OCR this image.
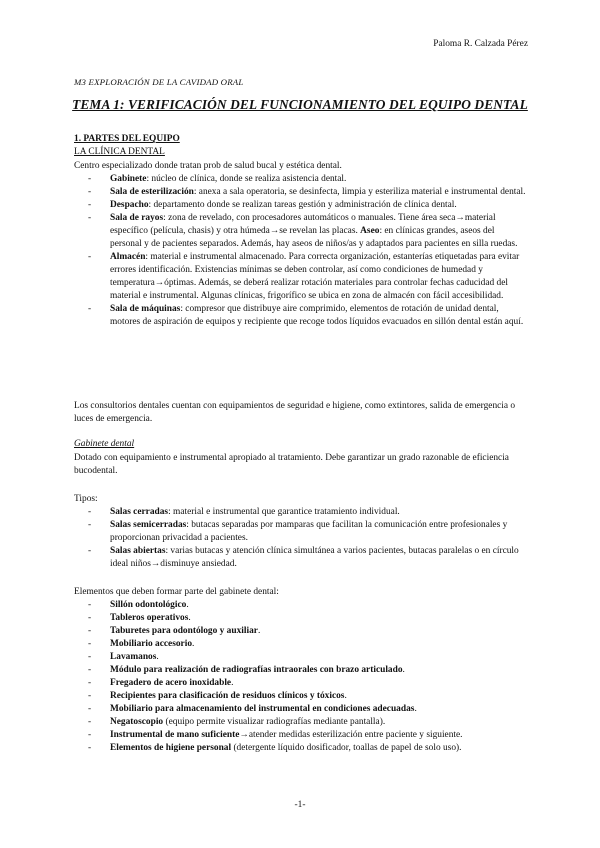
Paloma R. Calzada Pérez
M3 EXPLORACIÓN DE LA CAVIDAD ORAL
TEMA 1: VERIFICACIÓN DEL FUNCIONAMIENTO DEL EQUIPO DENTAL
1. PARTES DEL EQUIPO
LA CLÍNICA DENTAL
Centro especializado donde tratan prob de salud bucal y estética dental.
- Gabinete: núcleo de clínica, donde se realiza asistencia dental.
- Sala de esterilización: anexa a sala operatoria, se desinfecta, limpia y esteriliza material e instrumental dental.
- Despacho: departamento donde se realizan tareas gestión y administración de clínica dental.
- Sala de rayos: zona de revelado, con procesadores automáticos o manuales. Tiene área seca→material específico (película, chasis) y otra húmeda→se revelan las placas. Aseo: en clínicas grandes, aseos del personal y de pacientes separados. Además, hay aseos de niños/as y adaptados para pacientes en silla ruedas.
- Almacén: material e instrumental almacenado. Para correcta organización, estanterías etiquetadas para evitar errores identificación. Existencias mínimas se deben controlar, así como condiciones de humedad y temperatura→óptimas. Además, se deberá realizar rotación materiales para controlar fechas caducidad del material e instrumental. Algunas clínicas, frigorífico se ubica en zona de almacén con fácil accesibilidad.
- Sala de máquinas: compresor que distribuye aire comprimido, elementos de rotación de unidad dental, motores de aspiración de equipos y recipiente que recoge todos líquidos evacuados en sillón dental están aquí.
Los consultorios dentales cuentan con equipamientos de seguridad e higiene, como extintores, salida de emergencia o luces de emergencia.
Gabinete dental
Dotado con equipamiento e instrumental apropiado al tratamiento. Debe garantizar un grado razonable de eficiencia bucodental.
Tipos:
- Salas cerradas: material e instrumental que garantice tratamiento individual.
- Salas semicerradas: butacas separadas por mamparas que facilitan la comunicación entre profesionales y proporcionan privacidad a pacientes.
- Salas abiertas: varias butacas y atención clínica simultánea a varios pacientes, butacas paralelas o en círculo ideal niños→disminuye ansiedad.
Elementos que deben formar parte del gabinete dental:
- Sillón odontológico.
- Tableros operativos.
- Taburetes para odontólogo y auxiliar.
- Mobiliario accesorio.
- Lavamanos.
- Módulo para realización de radiografías intraorales con brazo articulado.
- Fregadero de acero inoxidable.
- Recipientes para clasificación de residuos clínicos y tóxicos.
- Mobiliario para almacenamiento del instrumental en condiciones adecuadas.
- Negatoscopio (equipo permite visualizar radiografías mediante pantalla).
- Instrumental de mano suficiente→atender medidas esterilización entre paciente y siguiente.
- Elementos de higiene personal (detergente líquido dosificador, toallas de papel de solo uso).
-1-
